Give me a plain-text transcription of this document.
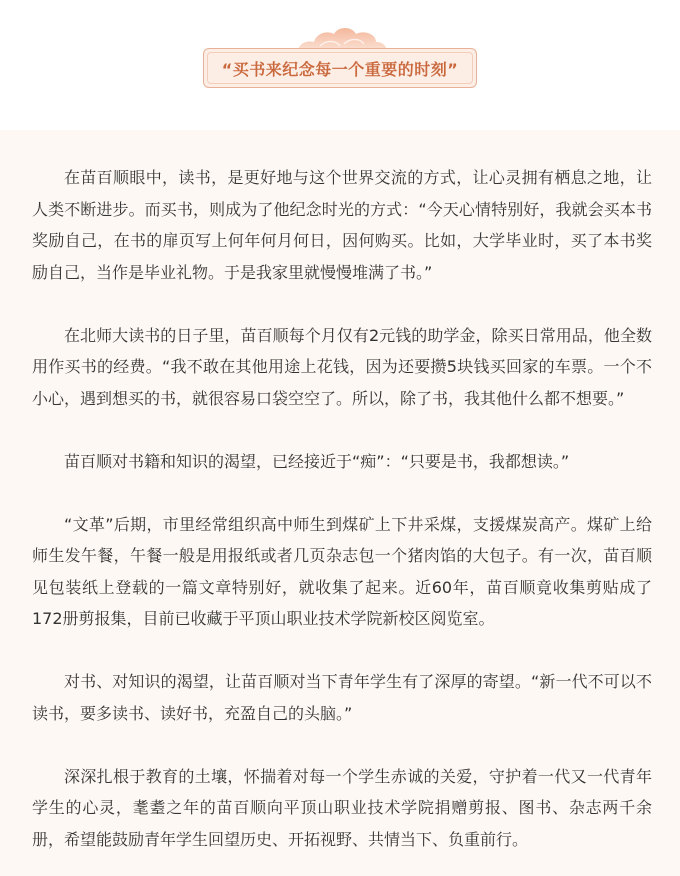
“买书来纪念每一个重要的时刻”

在苗百顺眼中，读书，是更好地与这个世界交流的方式，让心灵拥有栖息之地，让人类不断进步。而买书，则成为了他纪念时光的方式：“今天心情特别好，我就会买本书奖励自己，在书的扉页写上何年何月何日，因何购买。比如，大学毕业时，买了本书奖励自己，当作是毕业礼物。于是我家里就慢慢堆满了书。”

在北师大读书的日子里，苗百顺每个月仅有2元钱的助学金，除买日常用品，他全数用作买书的经费。“我不敢在其他用途上花钱，因为还要攒5块钱买回家的车票。一个不小心，遇到想买的书，就很容易口袋空空了。所以，除了书，我其他什么都不想要。”

苗百顺对书籍和知识的渴望，已经接近于“痴”：“只要是书，我都想读。”

“文革”后期，市里经常组织高中师生到煤矿上下井采煤，支援煤炭高产。煤矿上给师生发午餐，午餐一般是用报纸或者几页杂志包一个猪肉馅的大包子。有一次，苗百顺见包装纸上登载的一篇文章特别好，就收集了起来。近60年，苗百顺竟收集剪贴成了172册剪报集，目前已收藏于平顶山职业技术学院新校区阅览室。

对书、对知识的渴望，让苗百顺对当下青年学生有了深厚的寄望。“新一代不可以不读书，要多读书、读好书，充盈自己的头脑。”

深深扎根于教育的土壤，怀揣着对每一个学生赤诚的关爱，守护着一代又一代青年学生的心灵，耄耋之年的苗百顺向平顶山职业技术学院捐赠剪报、图书、杂志两千余册，希望能鼓励青年学生回望历史、开拓视野、共情当下、负重前行。
